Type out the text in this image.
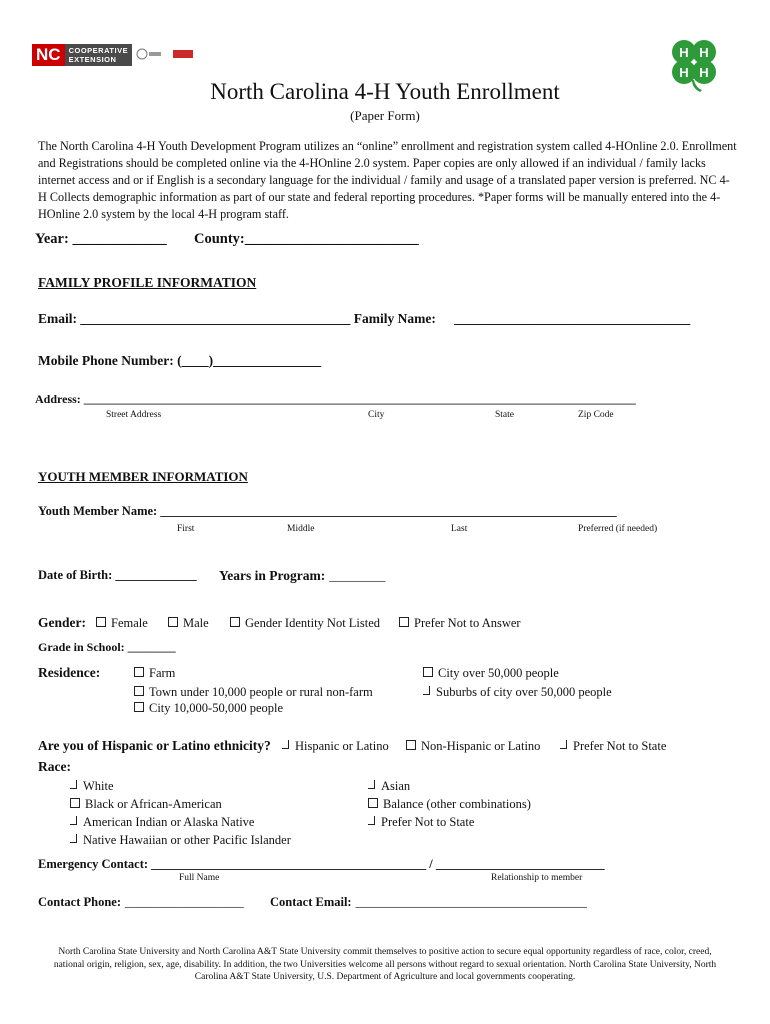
NC	COOPERATIVE
EXTENSION	H H
H H
North Carolina 4-H Youth Enrollment
(Paper Form)
The North Carolina 4-H Youth Development Program utilizes an “online” enrollment and registration system called 4-HOnline 2.0. Enrollment and Registrations should be completed online via the 4-HOnline 2.0 system. Paper copies are only allowed if an individual / family lacks internet access and or if English is a secondary language for the individual / family and usage of a translated paper version is preferred. NC 4-H Collects demographic information as part of our state and federal reporting procedures. *Paper forms will be manually entered into the 4-HOnline 2.0 system by the local 4-H program staff.
Year: _____________ County:________________________
FAMILY PROFILE INFORMATION
Email: ________________________________________ Family Name: ___________________________________
Mobile Phone Number: (____)________________
Address: ____________________________________________________________________________________________
Street Address	City	State	Zip Code
YOUTH MEMBER INFORMATION
Youth Member Name: _________________________________________________________________________
First	Middle	Last	Preferred (if needed)
Date of Birth: _____________ Years in Program: _________
Gender:	Female	Male	Gender Identity Not Listed	Prefer Not to Answer
Grade in School: ________
Residence:	Farm
Town under 10,000 people or rural non-farm
City 10,000-50,000 people
City over 50,000 people
Suburbs of city over 50,000 people
Are you of Hispanic or Latino ethnicity?	Hispanic or Latino	Non-Hispanic or Latino	Prefer Not to State
Race:
White
Black or African-American
American Indian or Alaska Native
Native Hawaiian or other Pacific Islander
Asian
Balance (other combinations)
Prefer Not to State
Emergency Contact: ____________________________________________ / ___________________________
Full Name	Relationship to member
Contact Phone: ___________________ Contact Email: _____________________________________
North Carolina State University and North Carolina A&T State University commit themselves to positive action to secure equal opportunity regardless of race, color, creed, national origin, religion, sex, age, disability. In addition, the two Universities welcome all persons without regard to sexual orientation. North Carolina State University, North Carolina A&T State University, U.S. Department of Agriculture and local governments cooperating.
